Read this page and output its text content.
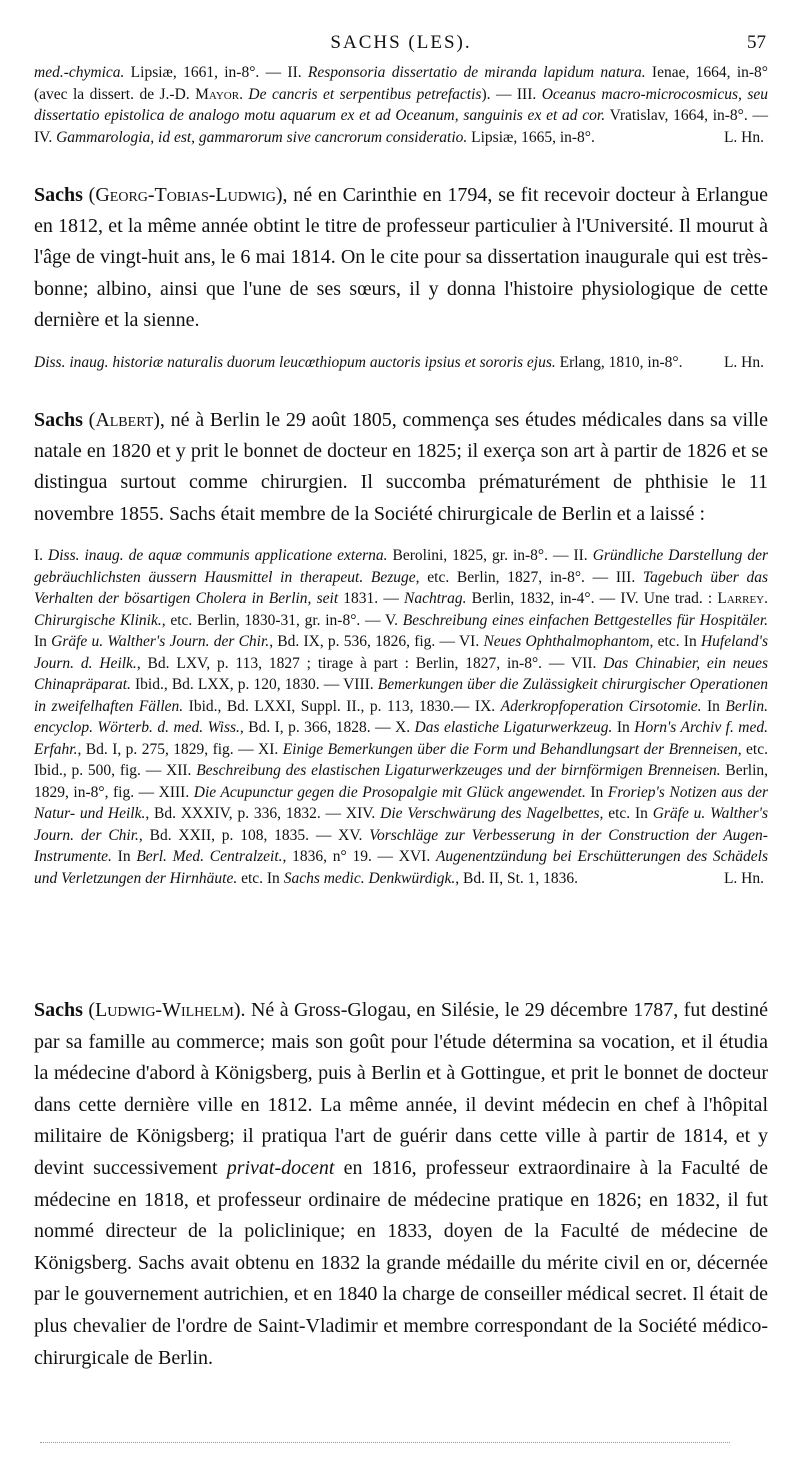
SACHS (LES).	57
med.-chymica. Lipsiæ, 1661, in-8°. — II. Responsoria dissertatio de miranda lapidum natura. Ienae, 1664, in-8° (avec la dissert. de J.-D. Mayor. De cancris et serpentibus petrefactis). — III. Oceanus macro-microcosmicus, seu dissertatio epistolica de analogo motu aquarum ex et ad Oceanum, sanguinis ex et ad cor. Vratislav, 1664, in-8°. —IV. Gammarologia, id est, gammarorum sive cancrorum consideratio. Lipsiæ, 1665, in-8°.	L. Hn.
Sachs (Georg-Tobias-Ludwig), né en Carinthie en 1794, se fit recevoir docteur à Erlangue en 1812, et la même année obtint le titre de professeur particulier à l'Université. Il mourut à l'âge de vingt-huit ans, le 6 mai 1814. On le cite pour sa dissertation inaugurale qui est très-bonne; albino, ainsi que l'une de ses sœurs, il y donna l'histoire physiologique de cette dernière et la sienne.
Diss. inaug. historiæ naturalis duorum leucœthiopum auctoris ipsius et sororis ejus. Erlang, 1810, in-8°.	L. Hn.
Sachs (Albert), né à Berlin le 29 août 1805, commença ses études médicales dans sa ville natale en 1820 et y prit le bonnet de docteur en 1825; il exerça son art à partir de 1826 et se distingua surtout comme chirurgien. Il succomba prématurément de phthisie le 11 novembre 1855. Sachs était membre de la Société chirurgicale de Berlin et a laissé :
I. Diss. inaug. de aquæ communis applicatione externa. Berolini, 1825, gr. in-8°. — II. Gründliche Darstellung der gebräuchlichsten äussern Hausmittel in therapeut. Bezuge, etc. Berlin, 1827, in-8°. — III. Tagebuch über das Verhalten der bösartigen Cholera in Berlin, seit 1831. — Nachtrag. Berlin, 1832, in-4°. — IV. Une trad. : Larrey. Chirurgische Klinik., etc. Berlin, 1830-31, gr. in-8°. — V. Beschreibung eines einfachen Bettgestelles für Hospitäler. In Gräfe u. Walther's Journ. der Chir., Bd. IX, p. 536, 1826, fig. — VI. Neues Ophthalmophantom, etc. In Hufeland's Journ. d. Heilk., Bd. LXV, p. 113, 1827 ; tirage à part : Berlin, 1827, in-8°. — VII. Das Chinabier, ein neues Chinapräparat. Ibid., Bd. LXX, p. 120, 1830. — VIII. Bemerkungen über die Zulässigkeit chirurgischer Operationen in zweifelhaften Fällen. Ibid., Bd. LXXI, Suppl. II., p. 113, 1830.— IX. Aderkropfoperation Cirsotomie. In Berlin. encyclop. Wörterb. d. med. Wiss., Bd. I, p. 366, 1828. — X. Das elastiche Ligaturwerkzeug. In Horn's Archiv f. med. Erfahr., Bd. I, p. 275, 1829, fig. — XI. Einige Bemerkungen über die Form und Behandlungsart der Brenneisen, etc. Ibid., p. 500, fig. — XII. Beschreibung des elastischen Ligaturwerkzeuges und der birnförmigen Brenneisen. Berlin, 1829, in-8°, fig. — XIII. Die Acupunctur gegen die Prosopalgie mit Glück angewendet. In Froriep's Notizen aus der Natur- und Heilk., Bd. XXXIV, p. 336, 1832. — XIV. Die Verschwärung des Nagelbettes, etc. In Gräfe u. Walther's Journ. der Chir., Bd. XXII, p. 108, 1835. — XV. Vorschläge zur Verbesserung in der Construction der Augen-Instrumente. In Berl. Med. Centralzeit., 1836, n° 19. — XVI. Augenentzündung bei Erschütterungen des Schädels und Verletzungen der Hirnhäute. etc. In Sachs medic. Denkwürdigk., Bd. II, St. 1, 1836.	L. Hn.
Sachs (Ludwig-Wilhelm). Né à Gross-Glogau, en Silésie, le 29 décembre 1787, fut destiné par sa famille au commerce; mais son goût pour l'étude détermina sa vocation, et il étudia la médecine d'abord à Königsberg, puis à Berlin et à Gottingue, et prit le bonnet de docteur dans cette dernière ville en 1812. La même année, il devint médecin en chef à l'hôpital militaire de Königsberg; il pratiqua l'art de guérir dans cette ville à partir de 1814, et y devint successivement privat-docent en 1816, professeur extraordinaire à la Faculté de médecine en 1818, et professeur ordinaire de médecine pratique en 1826; en 1832, il fut nommé directeur de la policlinique; en 1833, doyen de la Faculté de médecine de Königsberg. Sachs avait obtenu en 1832 la grande médaille du mérite civil en or, décernée par le gouvernement autrichien, et en 1840 la charge de conseiller médical secret. Il était de plus chevalier de l'ordre de Saint-Vladimir et membre correspondant de la Société médico-chirurgicale de Berlin.
